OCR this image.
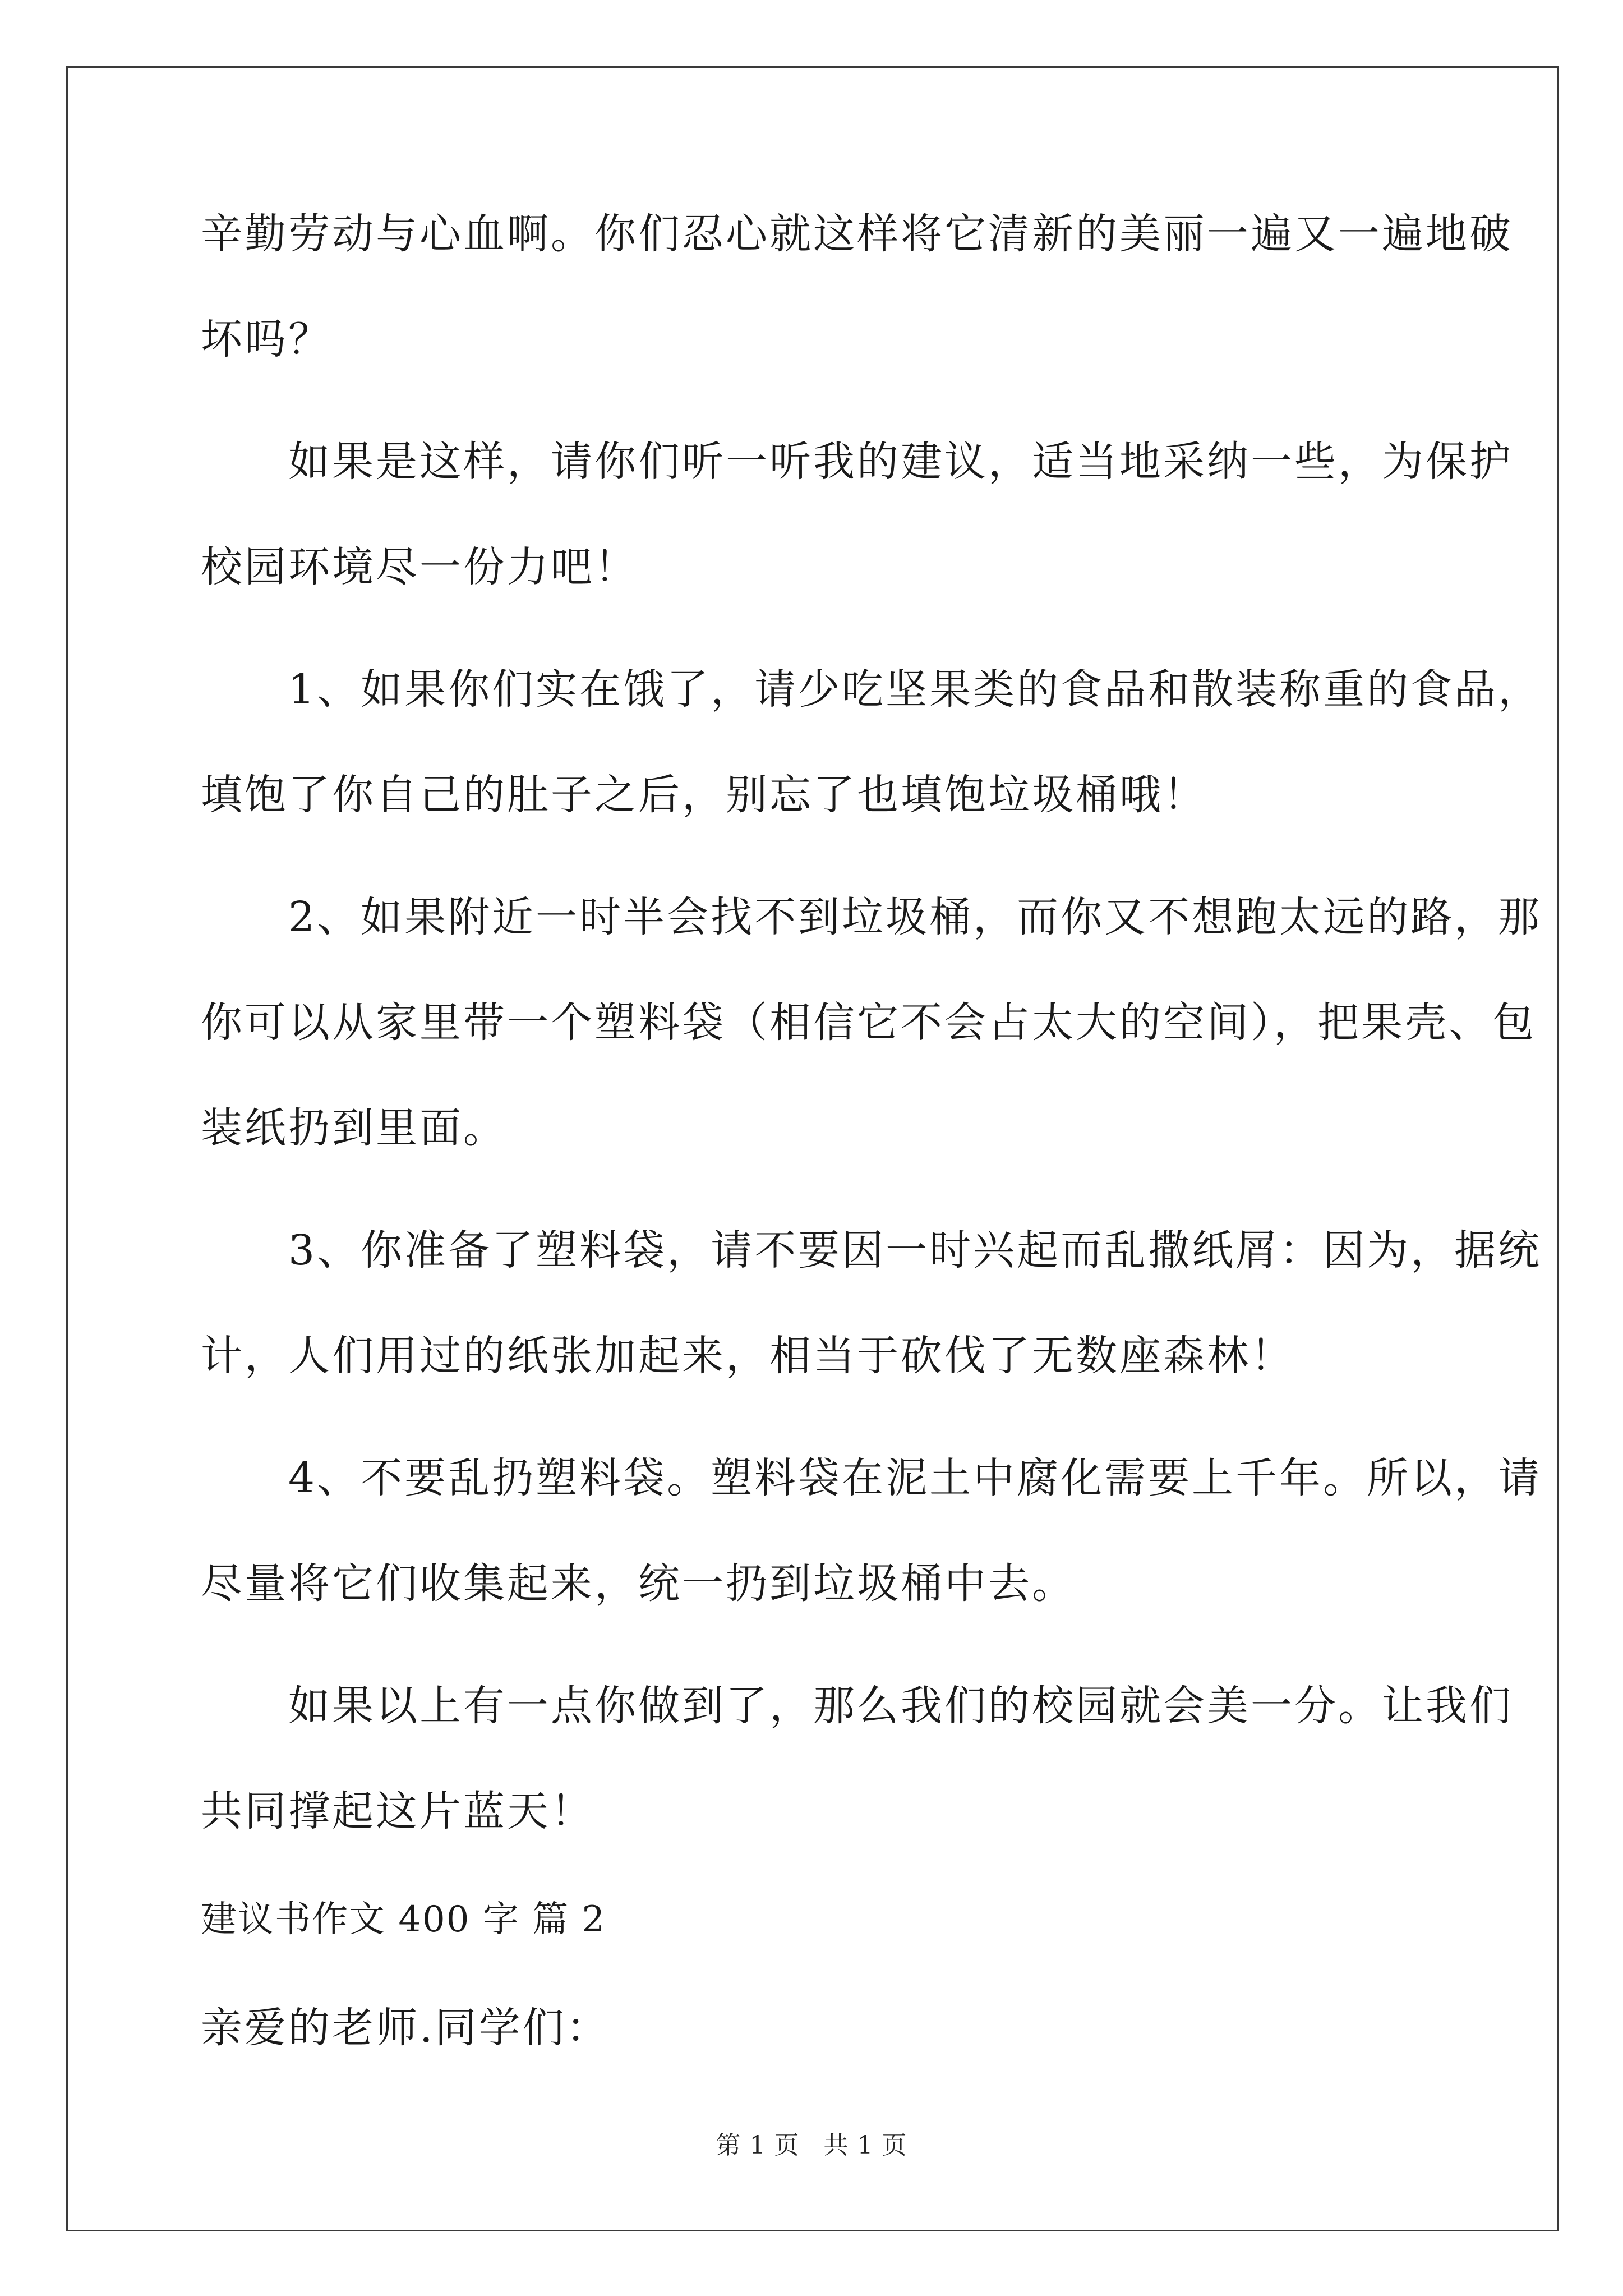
辛勤劳动与心血啊。你们忍心就这样将它清新的美丽一遍又一遍地破
坏吗？
　　如果是这样，请你们听一听我的建议，适当地采纳一些，为保护
校园环境尽一份力吧！
　　1、如果你们实在饿了，请少吃坚果类的食品和散装称重的食品，
填饱了你自己的肚子之后，别忘了也填饱垃圾桶哦！
　　2、如果附近一时半会找不到垃圾桶，而你又不想跑太远的路，那
你可以从家里带一个塑料袋（相信它不会占太大的空间），把果壳、包
装纸扔到里面。
　　3、你准备了塑料袋，请不要因一时兴起而乱撒纸屑：因为，据统
计，人们用过的纸张加起来，相当于砍伐了无数座森林！
　　4、不要乱扔塑料袋。塑料袋在泥土中腐化需要上千年。所以，请
尽量将它们收集起来，统一扔到垃圾桶中去。
　　如果以上有一点你做到了，那么我们的校园就会美一分。让我们
共同撑起这片蓝天！
建议书作文 400 字 篇 2
亲爱的老师.同学们：
第 1 页 共 1 页
